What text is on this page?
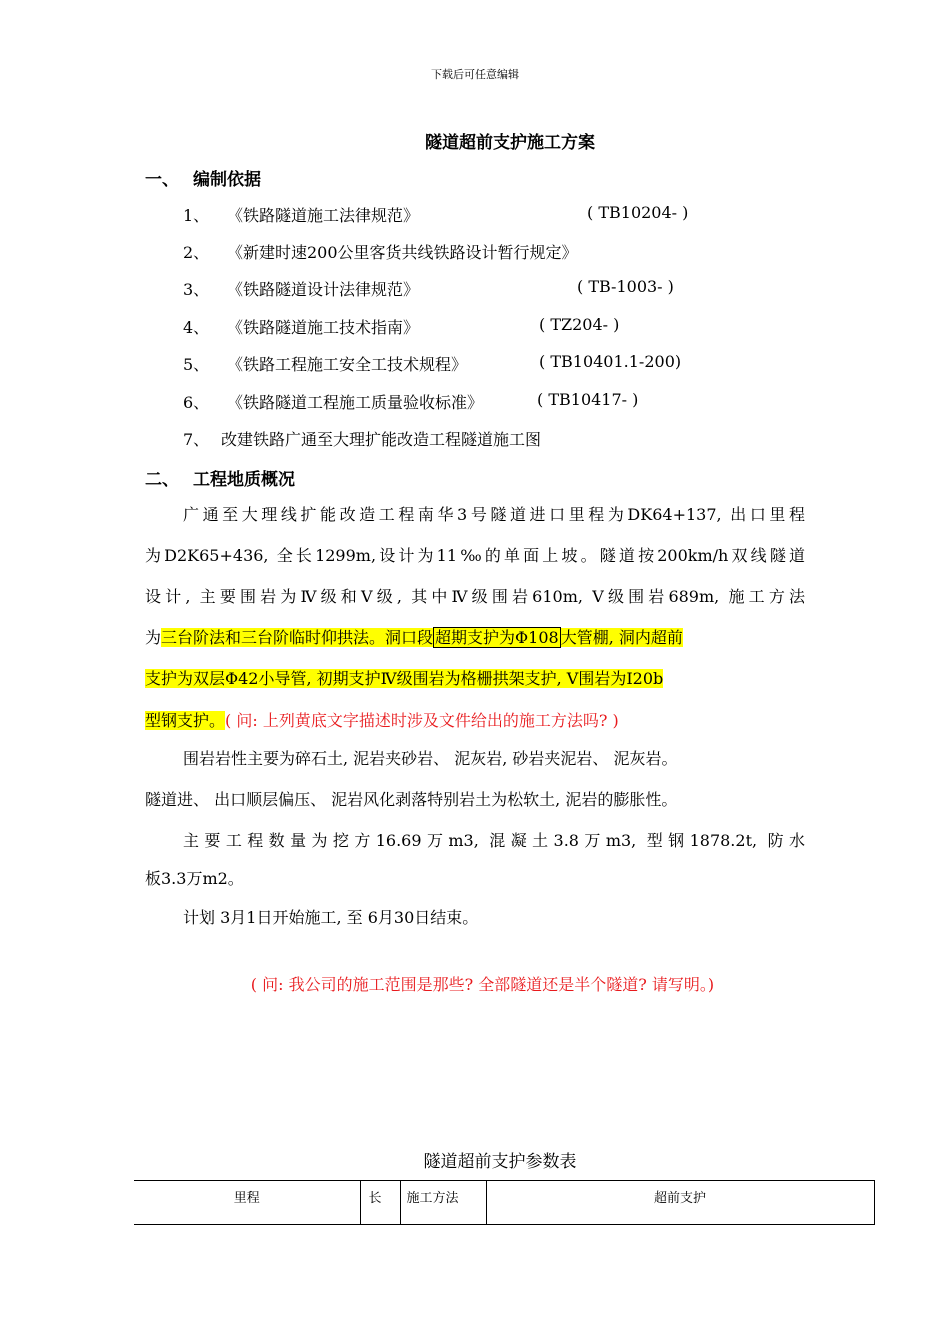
下载后可任意编辑
隧道超前支护施工方案
一、 编制依据
1、 《铁路隧道施工法律规范》	( TB10204- )
2、 《新建时速200公里客货共线铁路设计暂行规定》
3、 《铁路隧道设计法律规范》	( TB-1003- )
4、 《铁路隧道施工技术指南》	( TZ204- )
5、 《铁路工程施工安全工技术规程》	( TB10401.1-200)
6、 《铁路隧道工程施工质量验收标准》	( TB10417- )
7、 改建铁路广通至大理扩能改造工程隧道施工图
二、 工程地质概况
广通至大理线扩能改造工程南华3号隧道进口里程为DK64+137, 出口里程
为D2K65+436, 全长1299m,设计为11‰的单面上坡。隧道按200km/h双线隧道
设计, 主要围岩为Ⅳ级和Ⅴ级, 其中Ⅳ级围岩610m, Ⅴ级围岩689m, 施工方法
为三台阶法和三台阶临时仰拱法。洞口段 超期支护为Φ108 大管棚, 洞内超前
支护为双层Φ42小导管, 初期支护Ⅳ级围岩为格栅拱架支护, Ⅴ围岩为I20b
型钢支护。( 问: 上列黄底文字描述时涉及文件给出的施工方法吗? )
围岩岩性主要为碎石土, 泥岩夹砂岩、 泥灰岩, 砂岩夹泥岩、 泥灰岩。
隧道进、 出口顺层偏压、 泥岩风化剥落特别岩土为松软土, 泥岩的膨胀性。
主要工程数量为挖方16.69万m3, 混凝土3.8万m3, 型钢1878.2t, 防水
板3.3万m2。
计划 3月1日开始施工, 至 6月30日结束。
( 问: 我公司的施工范围是那些? 全部隧道还是半个隧道? 请写明。)
隧道超前支护参数表
里程	长	施工方法	超前支护
